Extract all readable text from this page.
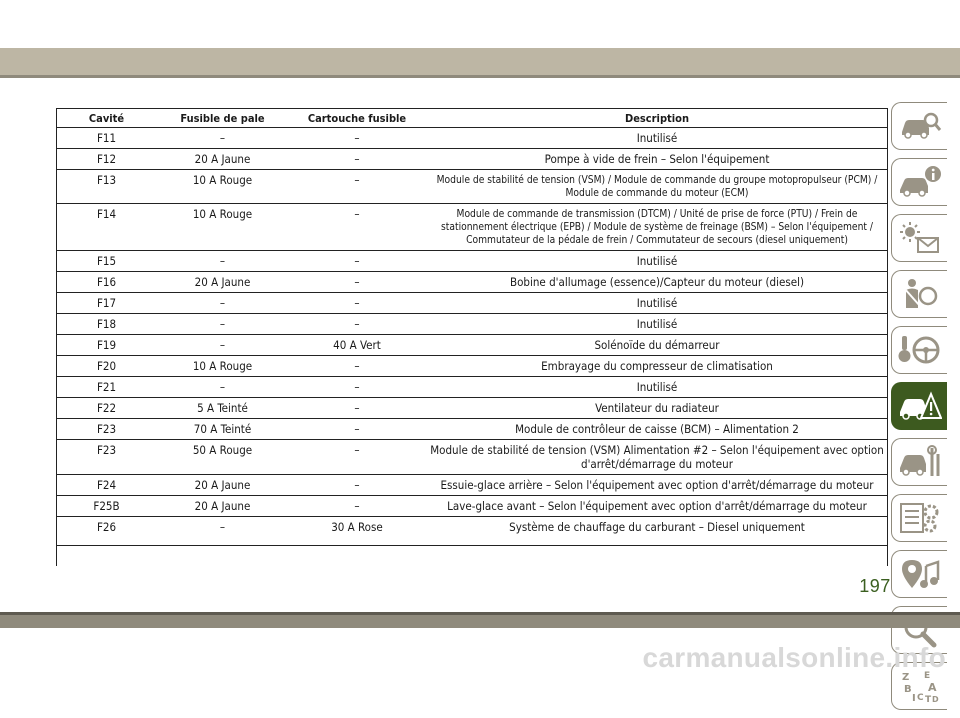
Cavité	Fusible de pale	Cartouche fusible	Description
F11	–	–	Inutilisé
F12	20 A Jaune	–	Pompe à vide de frein – Selon l'équipement
F13	10 A Rouge	–	Module de stabilité de tension (VSM) / Module de commande du groupe motopropulseur (PCM) / Module de commande du moteur (ECM)
F14	10 A Rouge	–	Module de commande de transmission (DTCM) / Unité de prise de force (PTU) / Frein de stationnement électrique (EPB) / Module de système de freinage (BSM) – Selon l'équipement / Commutateur de la pédale de frein / Commutateur de secours (diesel uniquement)
F15	–	–	Inutilisé
F16	20 A Jaune	–	Bobine d'allumage (essence)/Capteur du moteur (diesel)
F17	–	–	Inutilisé
F18	–	–	Inutilisé
F19	–	40 A Vert	Solénoïde du démarreur
F20	10 A Rouge	–	Embrayage du compresseur de climatisation
F21	–	–	Inutilisé
F22	5 A Teinté	–	Ventilateur du radiateur
F23	70 A Teinté	–	Module de contrôleur de caisse (BCM) – Alimentation 2
F23	50 A Rouge	–	Module de stabilité de tension (VSM) Alimentation #2 – Selon l'équipement avec option d'arrêt/démarrage du moteur
F24	20 A Jaune	–	Essuie-glace arrière – Selon l'équipement avec option d'arrêt/démarrage du moteur
F25B	20 A Jaune	–	Lave-glace avant – Selon l'équipement avec option d'arrêt/démarrage du moteur
F26	–	30 A Rose	Système de chauffage du carburant – Diesel uniquement
Z E
B A
I C T D
197
carmanualsonline.info
